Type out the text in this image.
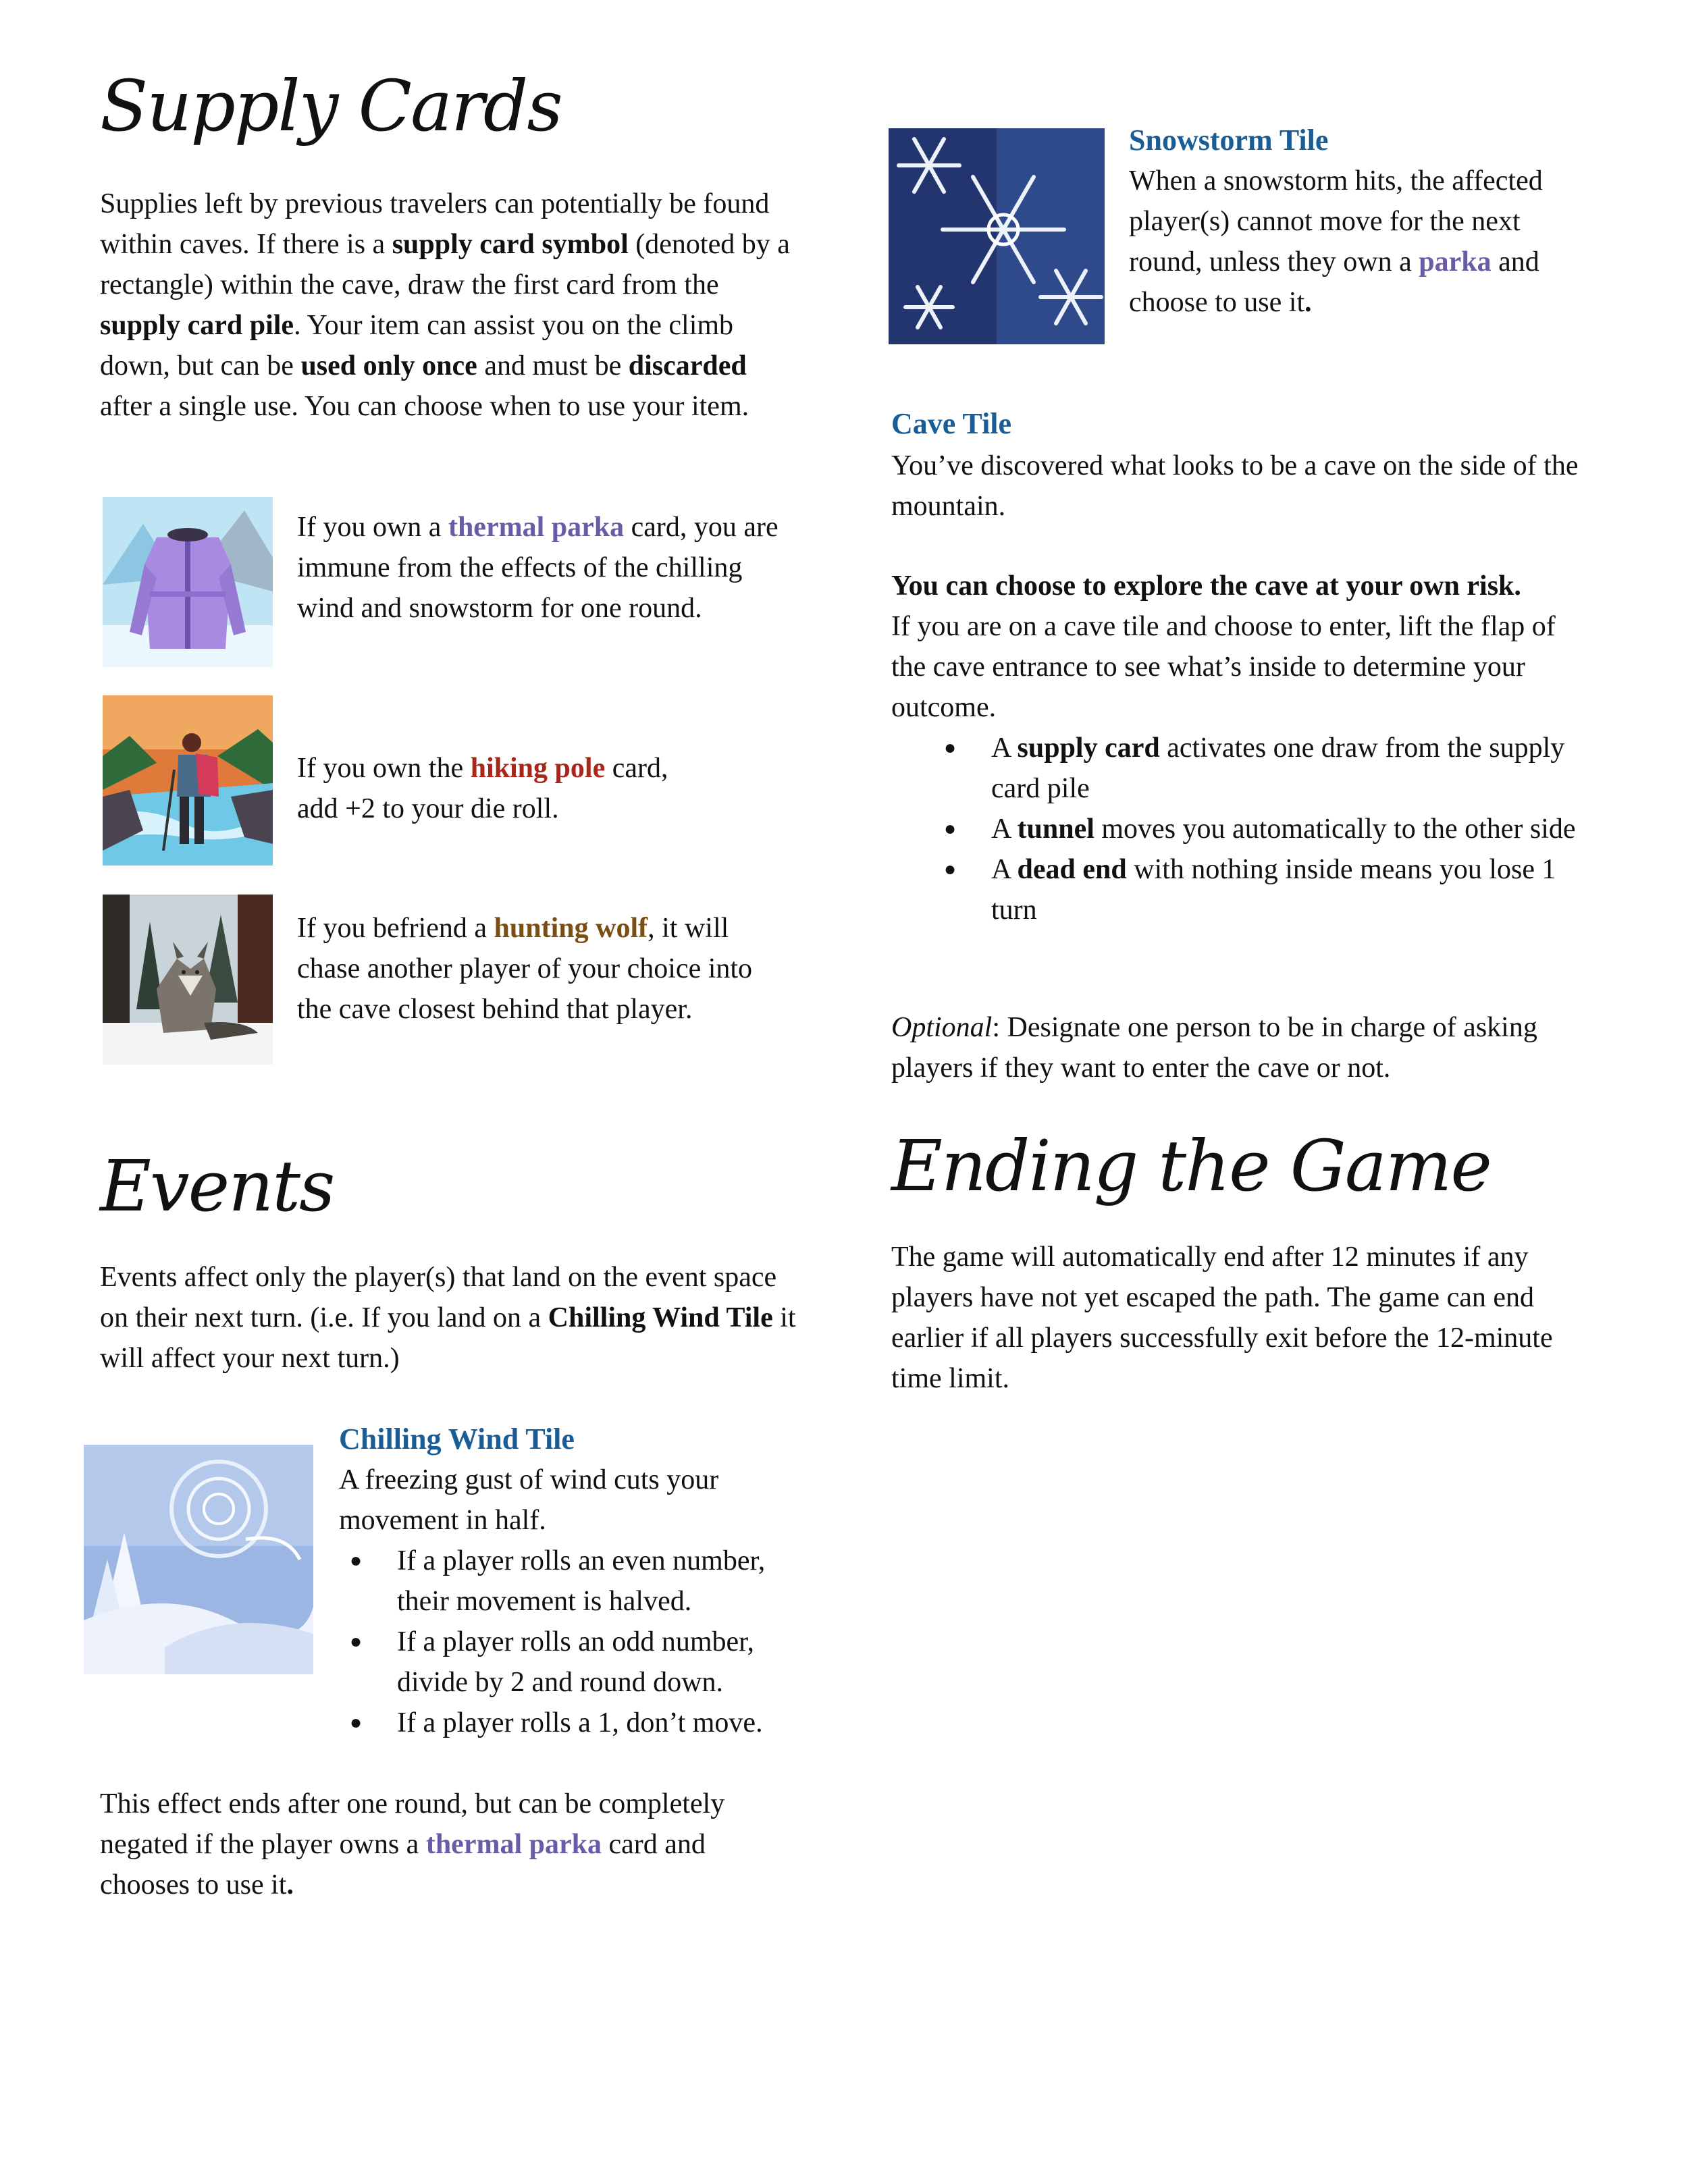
Supply Cards

Supplies left by previous travelers can potentially be found within caves. If there is a supply card symbol (denoted by a rectangle) within the cave, draw the first card from the supply card pile. Your item can assist you on the climb down, but can be used only once and must be discarded after a single use. You can choose when to use your item.

If you own a thermal parka card, you are immune from the effects of the chilling wind and snowstorm for one round.

If you own the hiking pole card,
add +2 to your die roll.

If you befriend a hunting wolf, it will chase another player of your choice into the cave closest behind that player.

Events

Events affect only the player(s) that land on the event space on their next turn. (i.e. If you land on a Chilling Wind Tile it will affect your next turn.)

Chilling Wind Tile

A freezing gust of wind cuts your movement in half.

● If a player rolls an even number, their movement is halved.
● If a player rolls an odd number, divide by 2 and round down.
● If a player rolls a 1, don’t move.

This effect ends after one round, but can be completely negated if the player owns a thermal parka card and chooses to use it.

Snowstorm Tile

When a snowstorm hits, the affected player(s) cannot move for the next round, unless they own a parka and choose to use it.

Cave Tile

You’ve discovered what looks to be a cave on the side of the mountain.

You can choose to explore the cave at your own risk.

If you are on a cave tile and choose to enter, lift the flap of the cave entrance to see what’s inside to determine your outcome.

● A supply card activates one draw from the supply card pile
● A tunnel moves you automatically to the other side
● A dead end with nothing inside means you lose 1 turn

Optional: Designate one person to be in charge of asking players if they want to enter the cave or not.

Ending the Game

The game will automatically end after 12 minutes if any players have not yet escaped the path. The game can end earlier if all players successfully exit before the 12-minute time limit.
